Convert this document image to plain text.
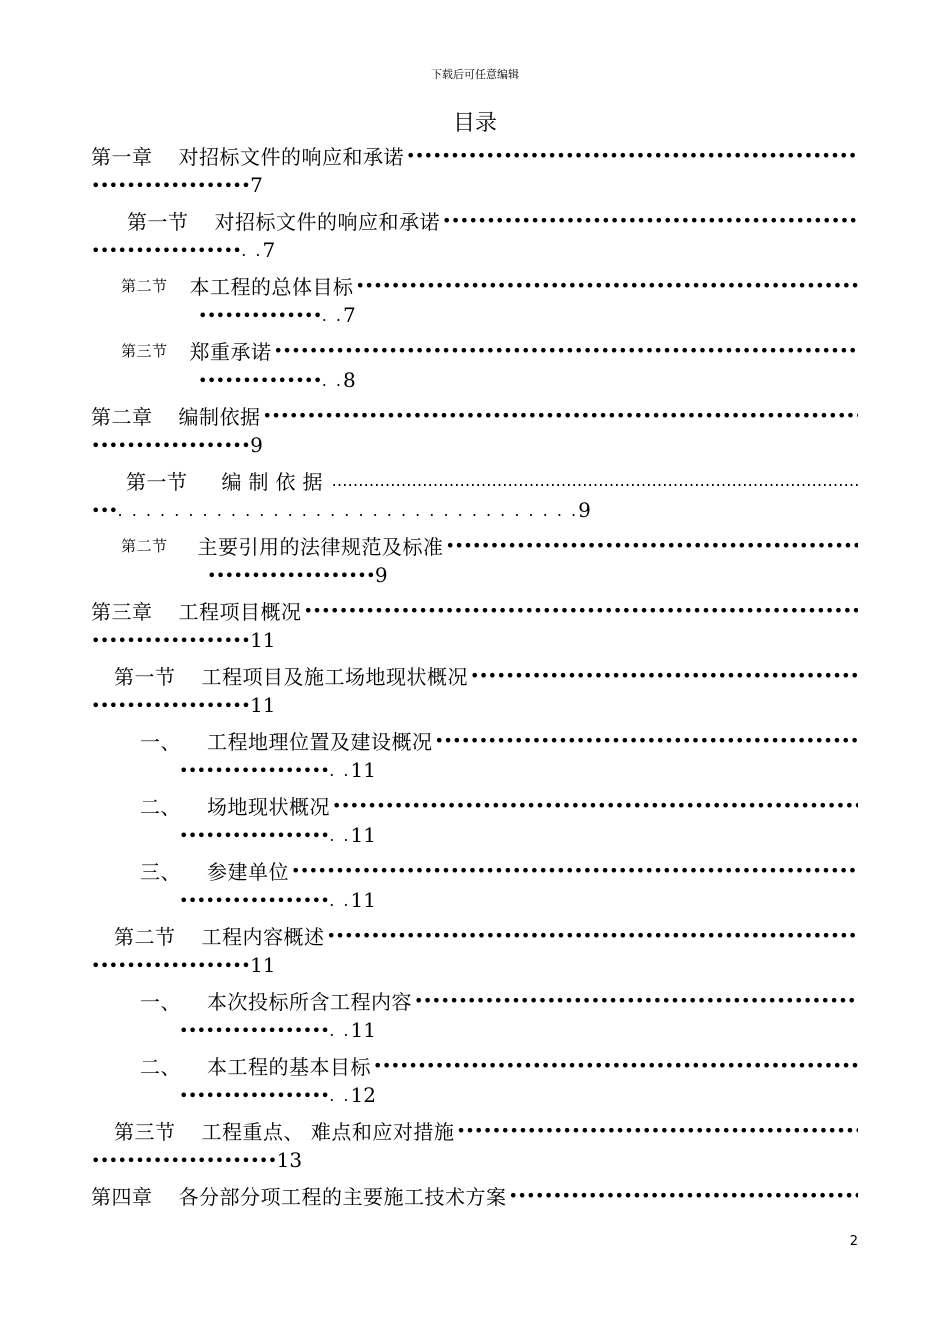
下载后可任意编辑
目录
第一章 对招标文件的响应和承诺
•••••
•••••••••••••••••• 7
第一节 对招标文件的响应和承诺
•••••
••••••••••••••••• . . 7
第二节 本工程的总体目标
•••••
•••••••••••••• . . 7
第三节 郑重承诺
•••••
•••••••••••••• . . 8
第二章 编制依据
•••••
•••••••••••••••••• 9
第一节 编制依据
…………………………………………………………………………………………………………………………
••• . . . . . . . . . . . . . . . . . . . . . . . . . . . . . . . . . 9
第二节 主要引用的法律规范及标准
•••••
••••••••••••••••••• 9
第三章 工程项目概况
•••••
•••••••••••••••••• 11
第一节 工程项目及施工场地现状概况
•••••
•••••••••••••••••• 11
一、 工程地理位置及建设概况
•••••
••••••••••••••••• . . 11
二、 场地现状概况
•••••
••••••••••••••••• . . 11
三、 参建单位
•••••
••••••••••••••••• . . 11
第二节 工程内容概述
•••••
•••••••••••••••••• 11
一、 本次投标所含工程内容
•••••
••••••••••••••••• . . 11
二、 本工程的基本目标
•••••
••••••••••••••••• . . 12
第三节 工程重点、 难点和应对措施
•••••
••••••••••••••••••••• 13
第四章 各分部分项工程的主要施工技术方案
•••••
2
